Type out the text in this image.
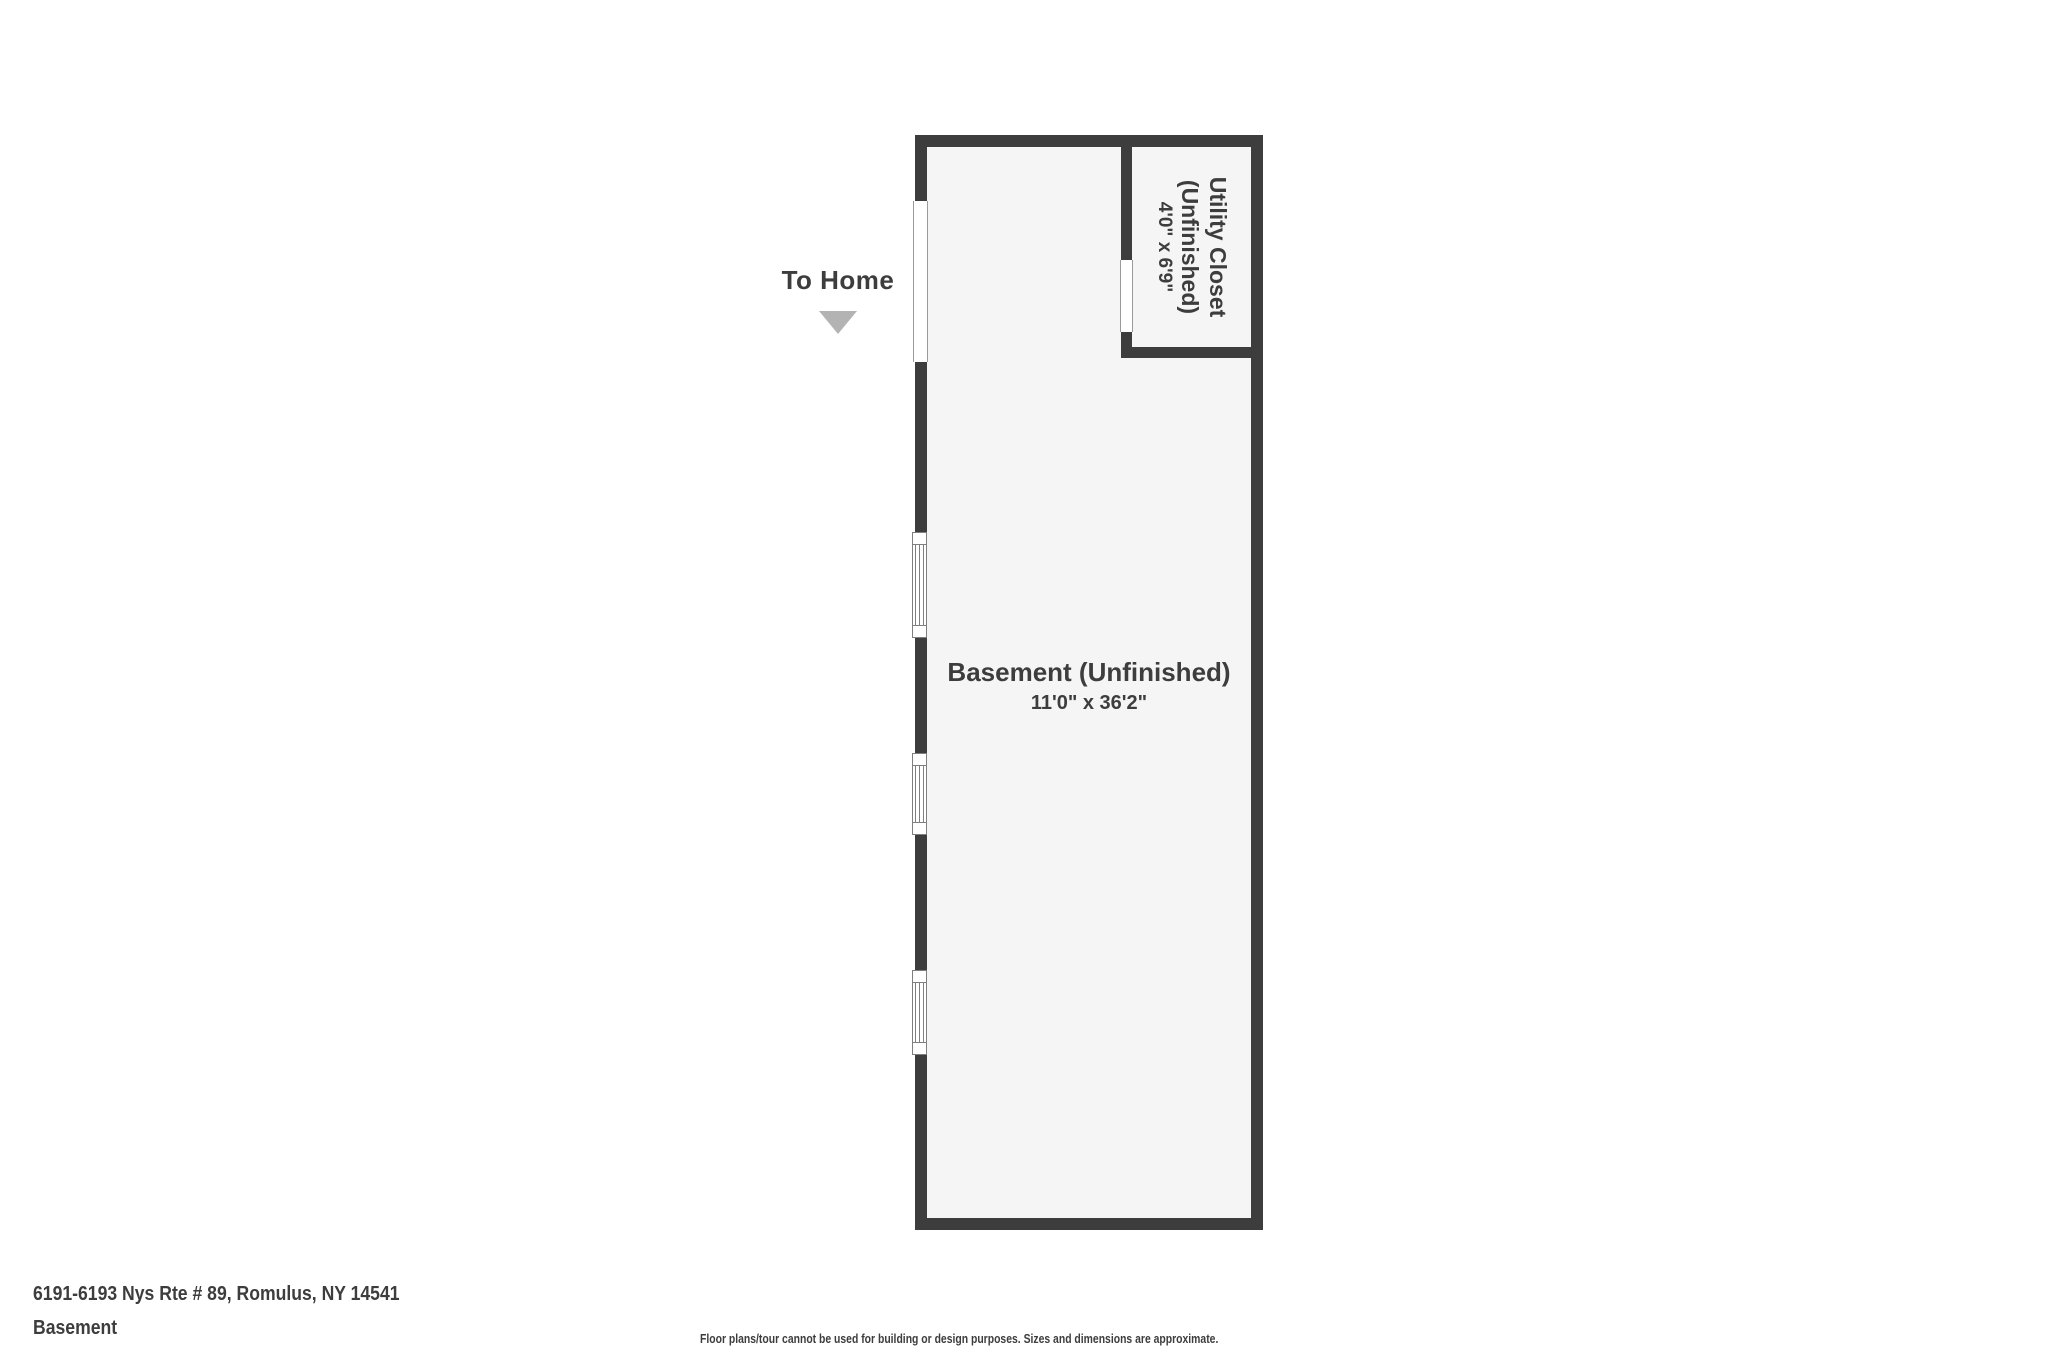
To Home
Basement (Unfinished)
11'0" x 36'2"
Utility Closet
(Unfinished)
4'0" x 6'9"
6191-6193 Nys Rte # 89, Romulus, NY 14541
Basement	Floor plans/tour cannot be used for building or design purposes. Sizes and dimensions are approximate.
